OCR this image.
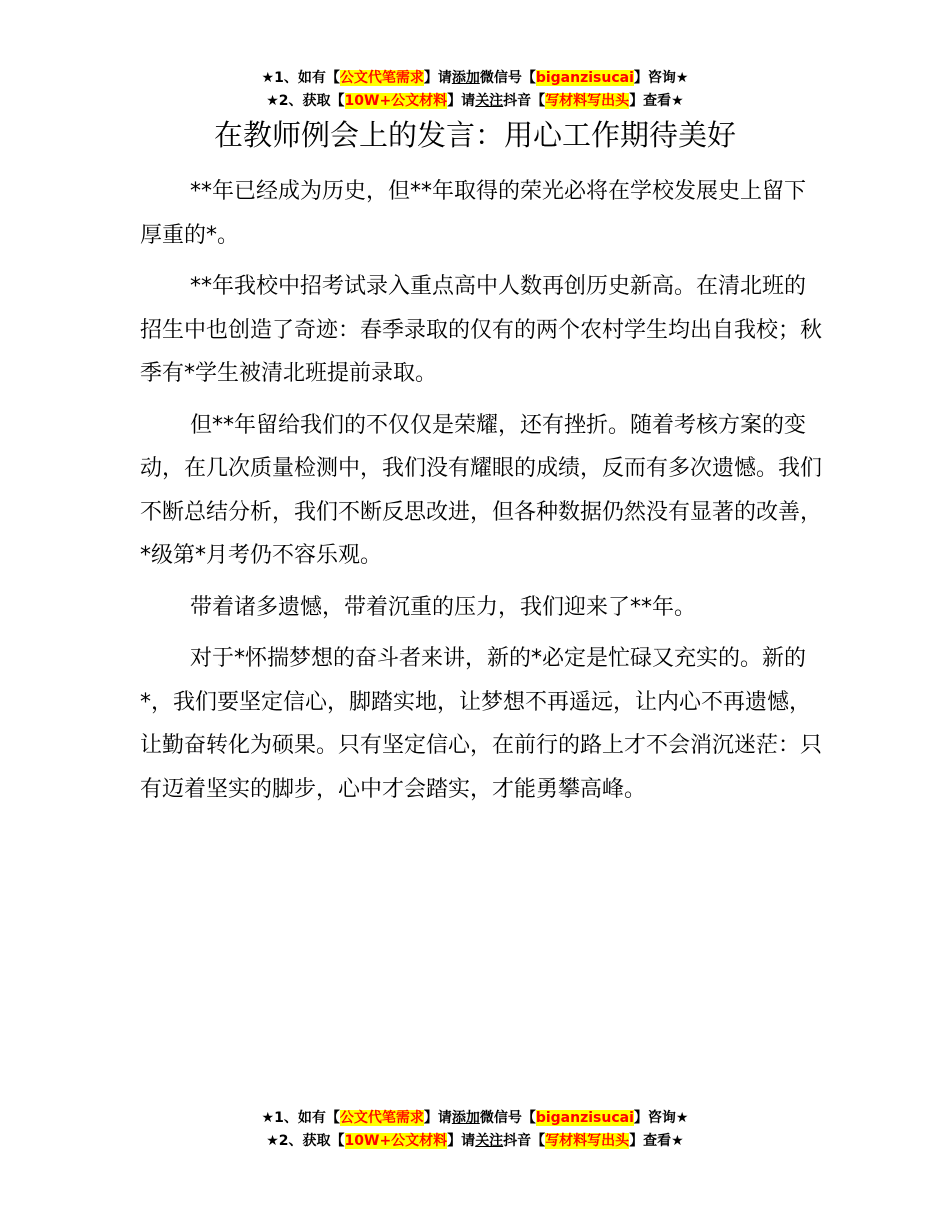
★1、如有【公文代笔需求】请添加微信号【biganzisucai】咨询★
★2、获取【10W+公文材料】请关注抖音【写材料写出头】查看★
在教师例会上的发言：用心工作期待美好

**年已经成为历史，但**年取得的荣光必将在学校发展史上留下厚重的*。

**年我校中招考试录入重点高中人数再创历史新高。在清北班的招生中也创造了奇迹：春季录取的仅有的两个农村学生均出自我校；秋季有*学生被清北班提前录取。

但**年留给我们的不仅仅是荣耀，还有挫折。随着考核方案的变动，在几次质量检测中，我们没有耀眼的成绩，反而有多次遗憾。我们不断总结分析，我们不断反思改进，但各种数据仍然没有显著的改善，*级第*月考仍不容乐观。

带着诸多遗憾，带着沉重的压力，我们迎来了**年。

对于*怀揣梦想的奋斗者来讲，新的*必定是忙碌又充实的。新的*，我们要坚定信心，脚踏实地，让梦想不再遥远，让内心不再遗憾，让勤奋转化为硕果。只有坚定信心，在前行的路上才不会消沉迷茫：只有迈着坚实的脚步，心中才会踏实，才能勇攀高峰。

★1、如有【公文代笔需求】请添加微信号【biganzisucai】咨询★
★2、获取【10W+公文材料】请关注抖音【写材料写出头】查看★
